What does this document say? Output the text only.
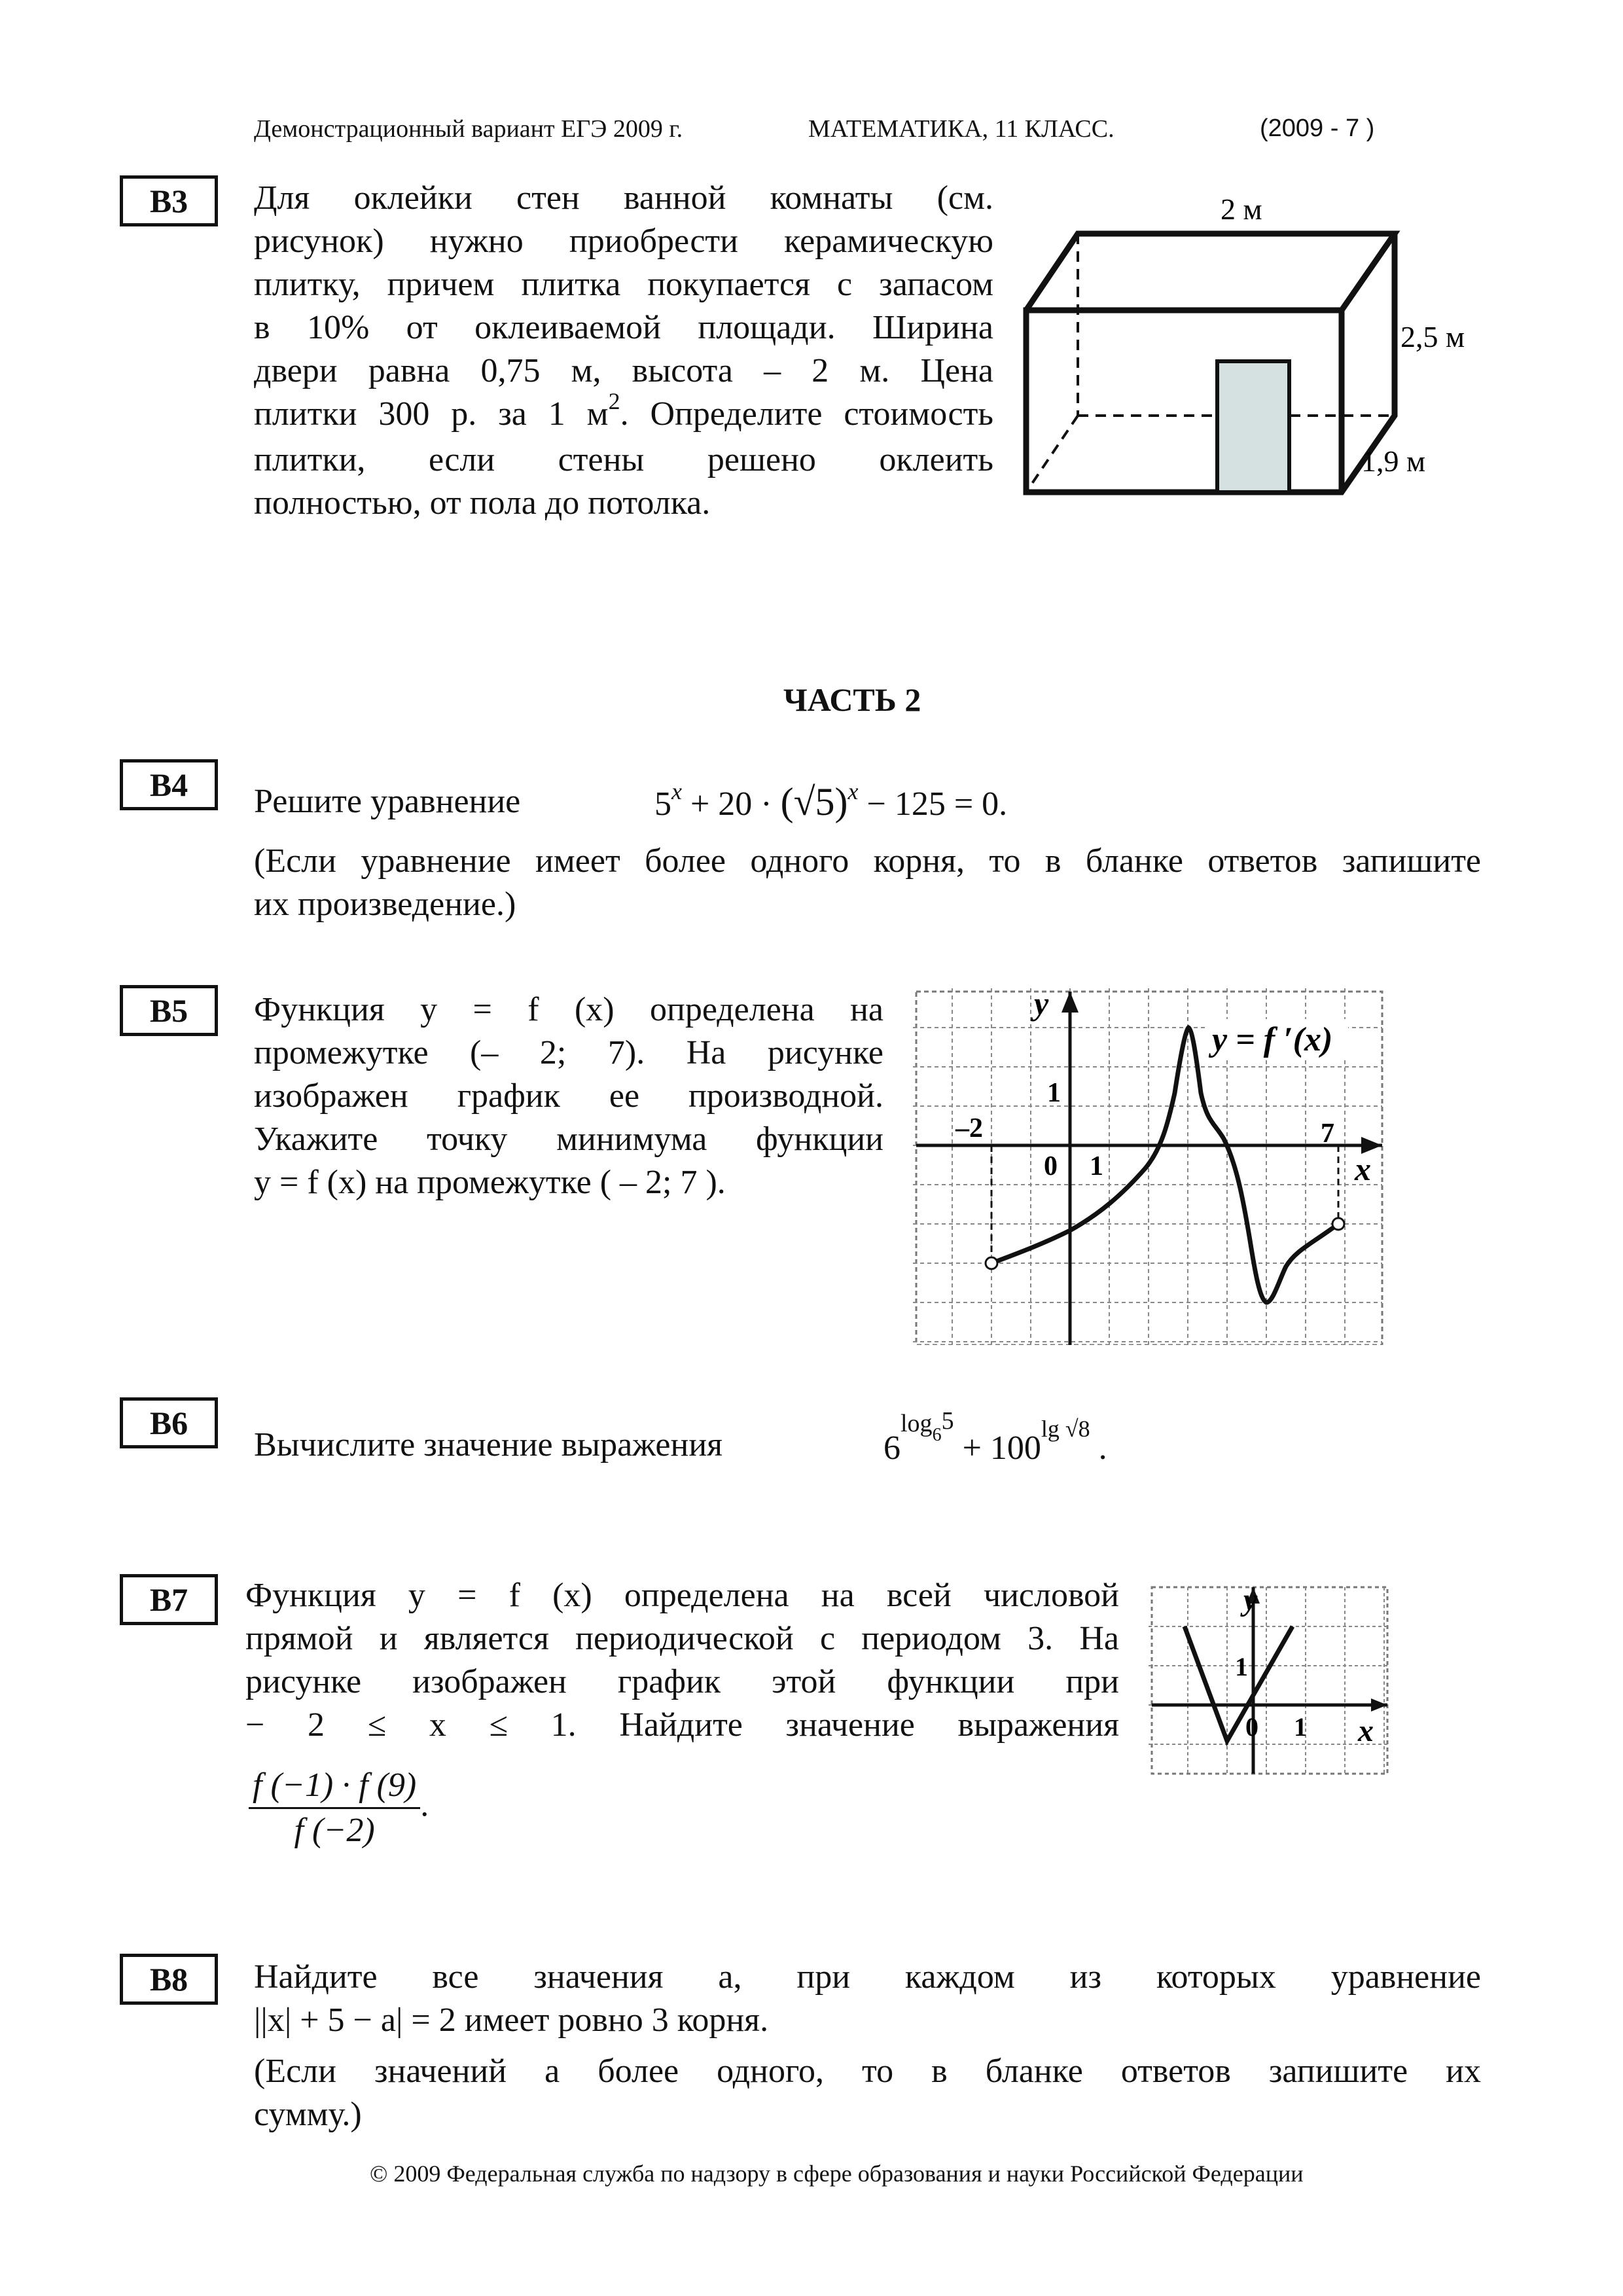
Демонстрационный вариант ЕГЭ 2009 г.	МАТЕМАТИКА, 11 КЛАСС.	(2009 - 7 )
B3	Для оклейки стен ванной комнаты (см.
рисунок) нужно приобрести керамическую
плитку, причем плитка покупается с запасом
в 10% от оклеиваемой площади. Ширина
двери равна 0,75 м, высота – 2 м. Цена
плитки 300 р. за 1 $м^2$. Определите стоимость
плитки, если стены решено оклеить
полностью, от пола до потолка.
2 м
2,5 м
1,9 м
ЧАСТЬ 2
B4	Решите уравнение	$5^x + 20 \cdot (√5)^x - 125 = 0$.
(Если уравнение имеет более одного корня, то в бланке ответов запишите
их произведение.)
B5	Функция y = f (x) определена на
промежутке (– 2; 7). На рисунке
изображен график ее производной.
Укажите точку минимума функции
y = f (x) на промежутке ( – 2; 7 ).
y = f ′(x)
y
x
0 1
1
–2	7
B6
Вычислите значение выражения	$6^{log65} + 100^{lg √8}$ .
B7	Функция y = f (x) определена на всей числовой
прямой и является периодической с периодом 3. На
рисунке изображен график этой функции при
− 2 ≤ x ≤ 1. Найдите значение выражения
$\frac{f (-1) \cdot f (9)}{f (-2)}$ .
y
x
0 1
1
B8	Найдите все значения a, при каждом из которых уравнение
||x| + 5 − a| = 2 имеет ровно 3 корня.
(Если значений a более одного, то в бланке ответов запишите их
сумму.)
© 2009 Федеральная служба по надзору в сфере образования и науки Российской Федерации
